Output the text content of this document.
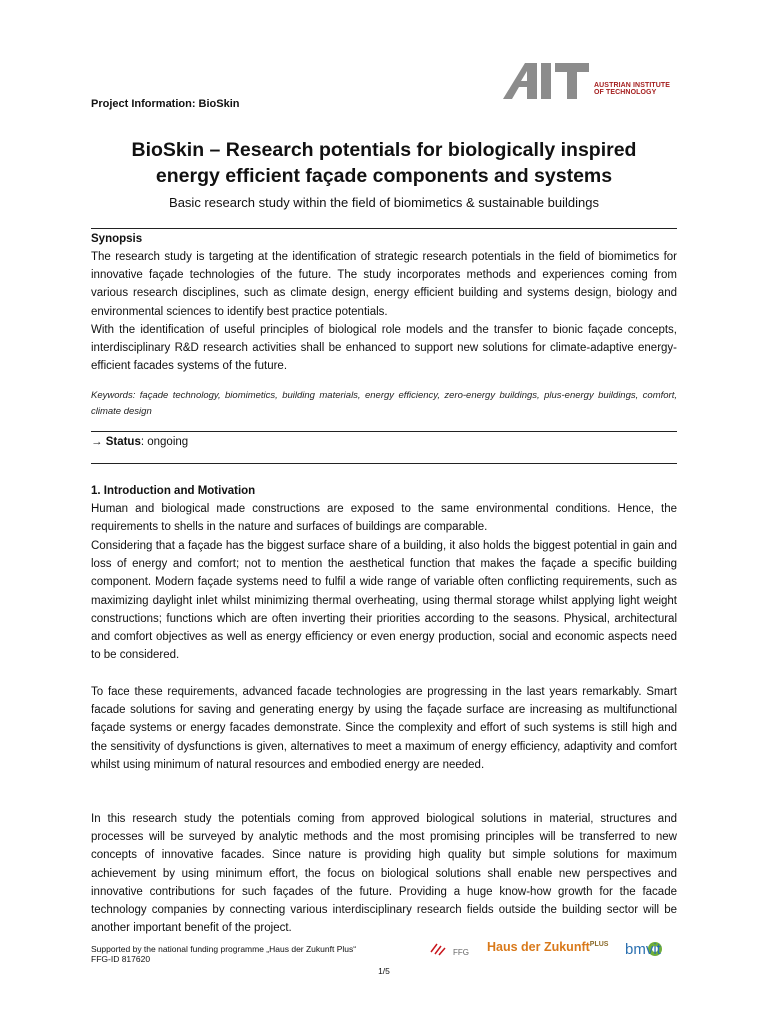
Project Information: BioSkin
AUSTRIAN INSTITUTE
OF TECHNOLOGY
BioSkin – Research potentials for biologically inspired
energy efficient façade components and systems
Basic research study within the field of biomimetics & sustainable buildings
Synopsis

The research study is targeting at the identification of strategic research potentials in the field of biomimetics for innovative façade technologies of the future. The study incorporates methods and experiences coming from various research disciplines, such as climate design, energy efficient building and systems design, biology and environmental sciences to identify best practice potentials.

With the identification of useful principles of biological role models and the transfer to bionic façade concepts, interdisciplinary R&D research activities shall be enhanced to support new solutions for climate-adaptive energy-efficient facades systems of the future.

Keywords: façade technology, biomimetics, building materials, energy efficiency, zero-energy buildings, plus-energy buildings, comfort, climate design
→ Status: ongoing
1. Introduction and Motivation

Human and biological made constructions are exposed to the same environmental conditions. Hence, the requirements to shells in the nature and surfaces of buildings are comparable.

Considering that a façade has the biggest surface share of a building, it also holds the biggest potential in gain and loss of energy and comfort; not to mention the aesthetical function that makes the façade a specific building component. Modern façade systems need to fulfil a wide range of variable often conflicting requirements, such as maximizing daylight inlet whilst minimizing thermal overheating, using thermal storage whilst applying light weight constructions; functions which are often inverting their priorities according to the seasons. Physical, architectural and comfort objectives as well as energy efficiency or even energy production, social and economic aspects need to be considered.

To face these requirements, advanced facade technologies are progressing in the last years remarkably. Smart facade solutions for saving and generating energy by using the façade surface are increasing as multifunctional façade systems or energy facades demonstrate. Since the complexity and effort of such systems is still high and the sensitivity of dysfunctions is given, alternatives to meet a maximum of energy efficiency, adaptivity and comfort whilst using minimum of natural resources and embodied energy are needed.

In this research study the potentials coming from approved biological solutions in material, structures and processes will be surveyed by analytic methods and the most promising principles will be transferred to new concepts of innovative facades. Since nature is providing high quality but simple solutions for maximum achievement by using minimum effort, the focus on biological solutions shall enable new perspectives and innovative contributions for such façades of the future. Providing a huge know-how growth for the facade technology companies by connecting various interdisciplinary research fields outside the building sector will be another important benefit of the project.

Supported by the national funding programme „Haus der Zukunft Plus“
FFG-ID 817620
FFG Haus der Zukunft$^{PLUS}$ bmvit
1/5
